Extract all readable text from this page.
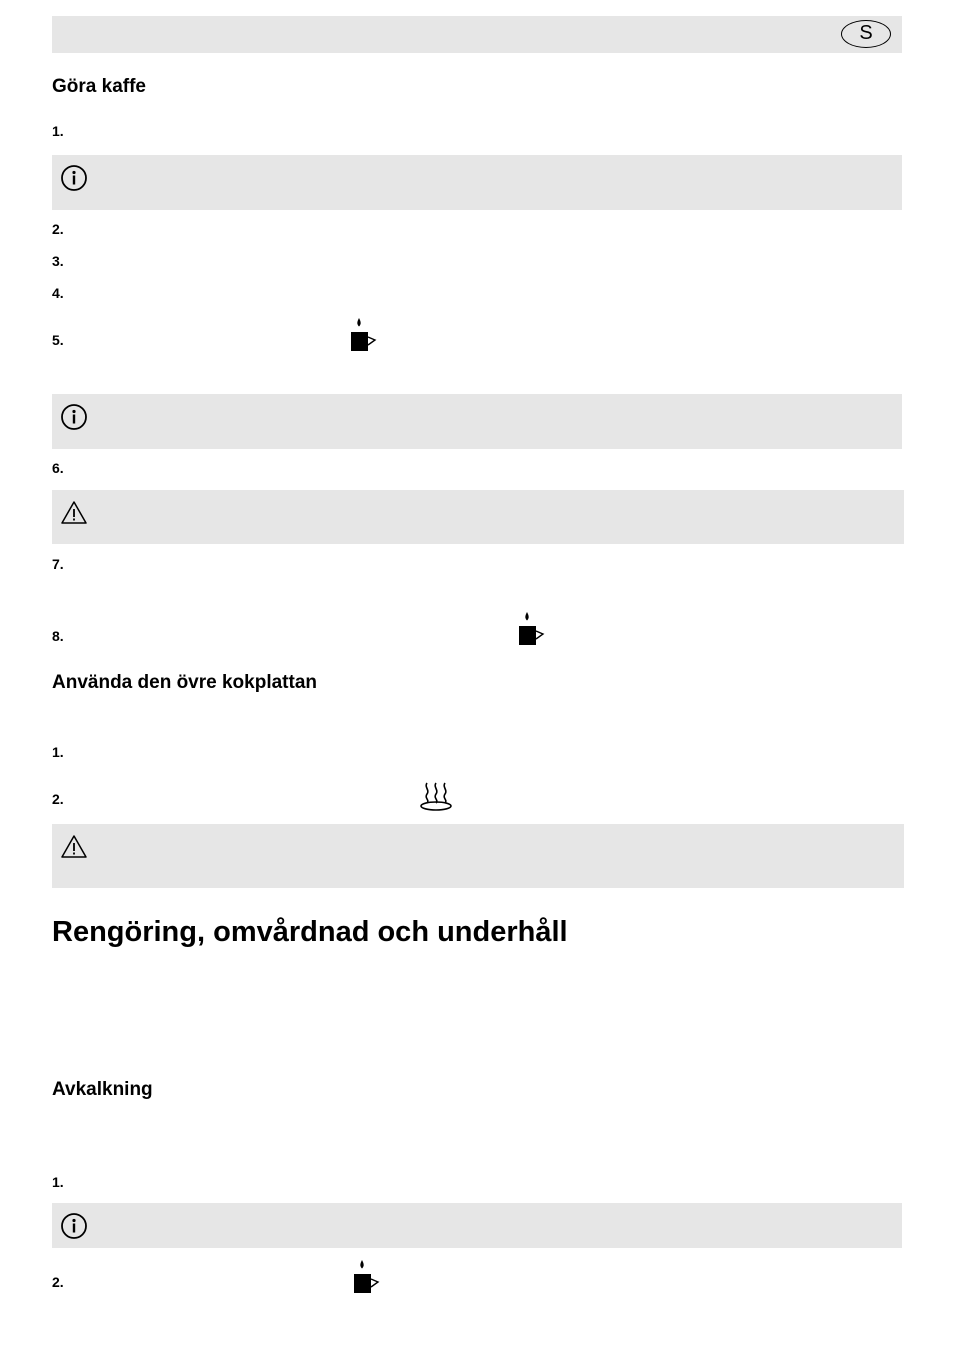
S
Göra kaffe
1.
2.
3.
4.
5.
6.
7.
8.
Använda den övre kokplattan
1.
2.
Rengöring, omvårdnad och underhåll
Avkalkning
1.
2.
